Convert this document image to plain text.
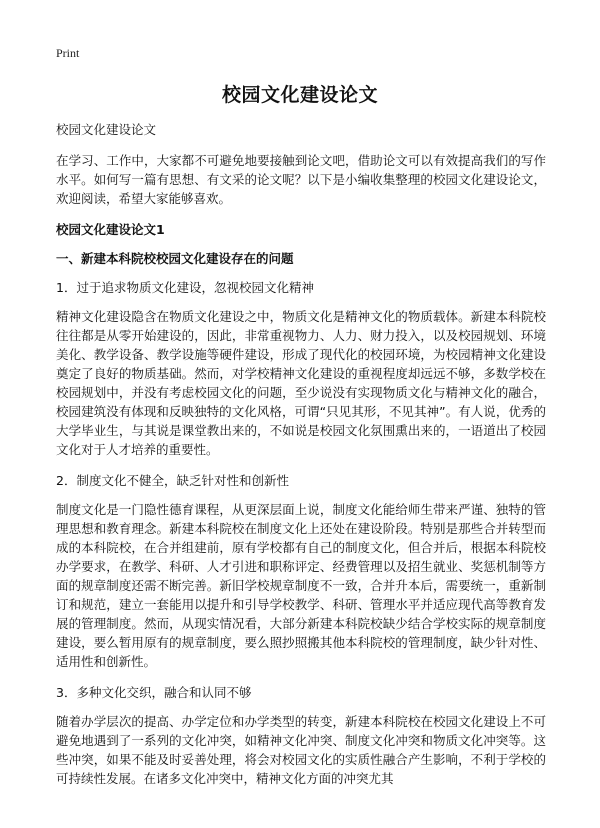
Print
校园文化建设论文

校园文化建设论文

在学习、工作中，大家都不可避免地要接触到论文吧，借助论文可以有效提高我们的写作水平。如何写一篇有思想、有文采的论文呢？以下是小编收集整理的校园文化建设论文，欢迎阅读，希望大家能够喜欢。

校园文化建设论文1

一、新建本科院校校园文化建设存在的问题

1．过于追求物质文化建设，忽视校园文化精神

精神文化建设隐含在物质文化建设之中，物质文化是精神文化的物质载体。新建本科院校往往都是从零开始建设的，因此，非常重视物力、人力、财力投入，以及校园规划、环境美化、教学设备、教学设施等硬件建设，形成了现代化的校园环境，为校园精神文化建设奠定了良好的物质基础。然而，对学校精神文化建设的重视程度却远远不够，多数学校在校园规划中，并没有考虑校园文化的问题，至少说没有实现物质文化与精神文化的融合，校园建筑没有体现和反映独特的文化风格，可谓“只见其形，不见其神”。有人说，优秀的大学毕业生，与其说是课堂教出来的，不如说是校园文化氛围熏出来的，一语道出了校园文化对于人才培养的重要性。

2．制度文化不健全，缺乏针对性和创新性

制度文化是一门隐性德育课程，从更深层面上说，制度文化能给师生带来严谨、独特的管理思想和教育理念。新建本科院校在制度文化上还处在建设阶段。特别是那些合并转型而成的本科院校，在合并组建前，原有学校都有自己的制度文化，但合并后，根据本科院校办学要求，在教学、科研、人才引进和职称评定、经费管理以及招生就业、奖惩机制等方面的规章制度还需不断完善。新旧学校规章制度不一致，合并升本后，需要统一，重新制订和规范，建立一套能用以提升和引导学校教学、科研、管理水平并适应现代高等教育发展的管理制度。然而，从现实情况看，大部分新建本科院校缺少结合学校实际的规章制度建设，要么暂用原有的规章制度，要么照抄照搬其他本科院校的管理制度，缺少针对性、适用性和创新性。

3．多种文化交织，融合和认同不够

随着办学层次的提高、办学定位和办学类型的转变，新建本科院校在校园文化建设上不可避免地遇到了一系列的文化冲突，如精神文化冲突、制度文化冲突和物质文化冲突等。这些冲突，如果不能及时妥善处理，将会对校园文化的实质性融合产生影响，不利于学校的可持续性发展。在诸多文化冲突中，精神文化方面的冲突尤其
